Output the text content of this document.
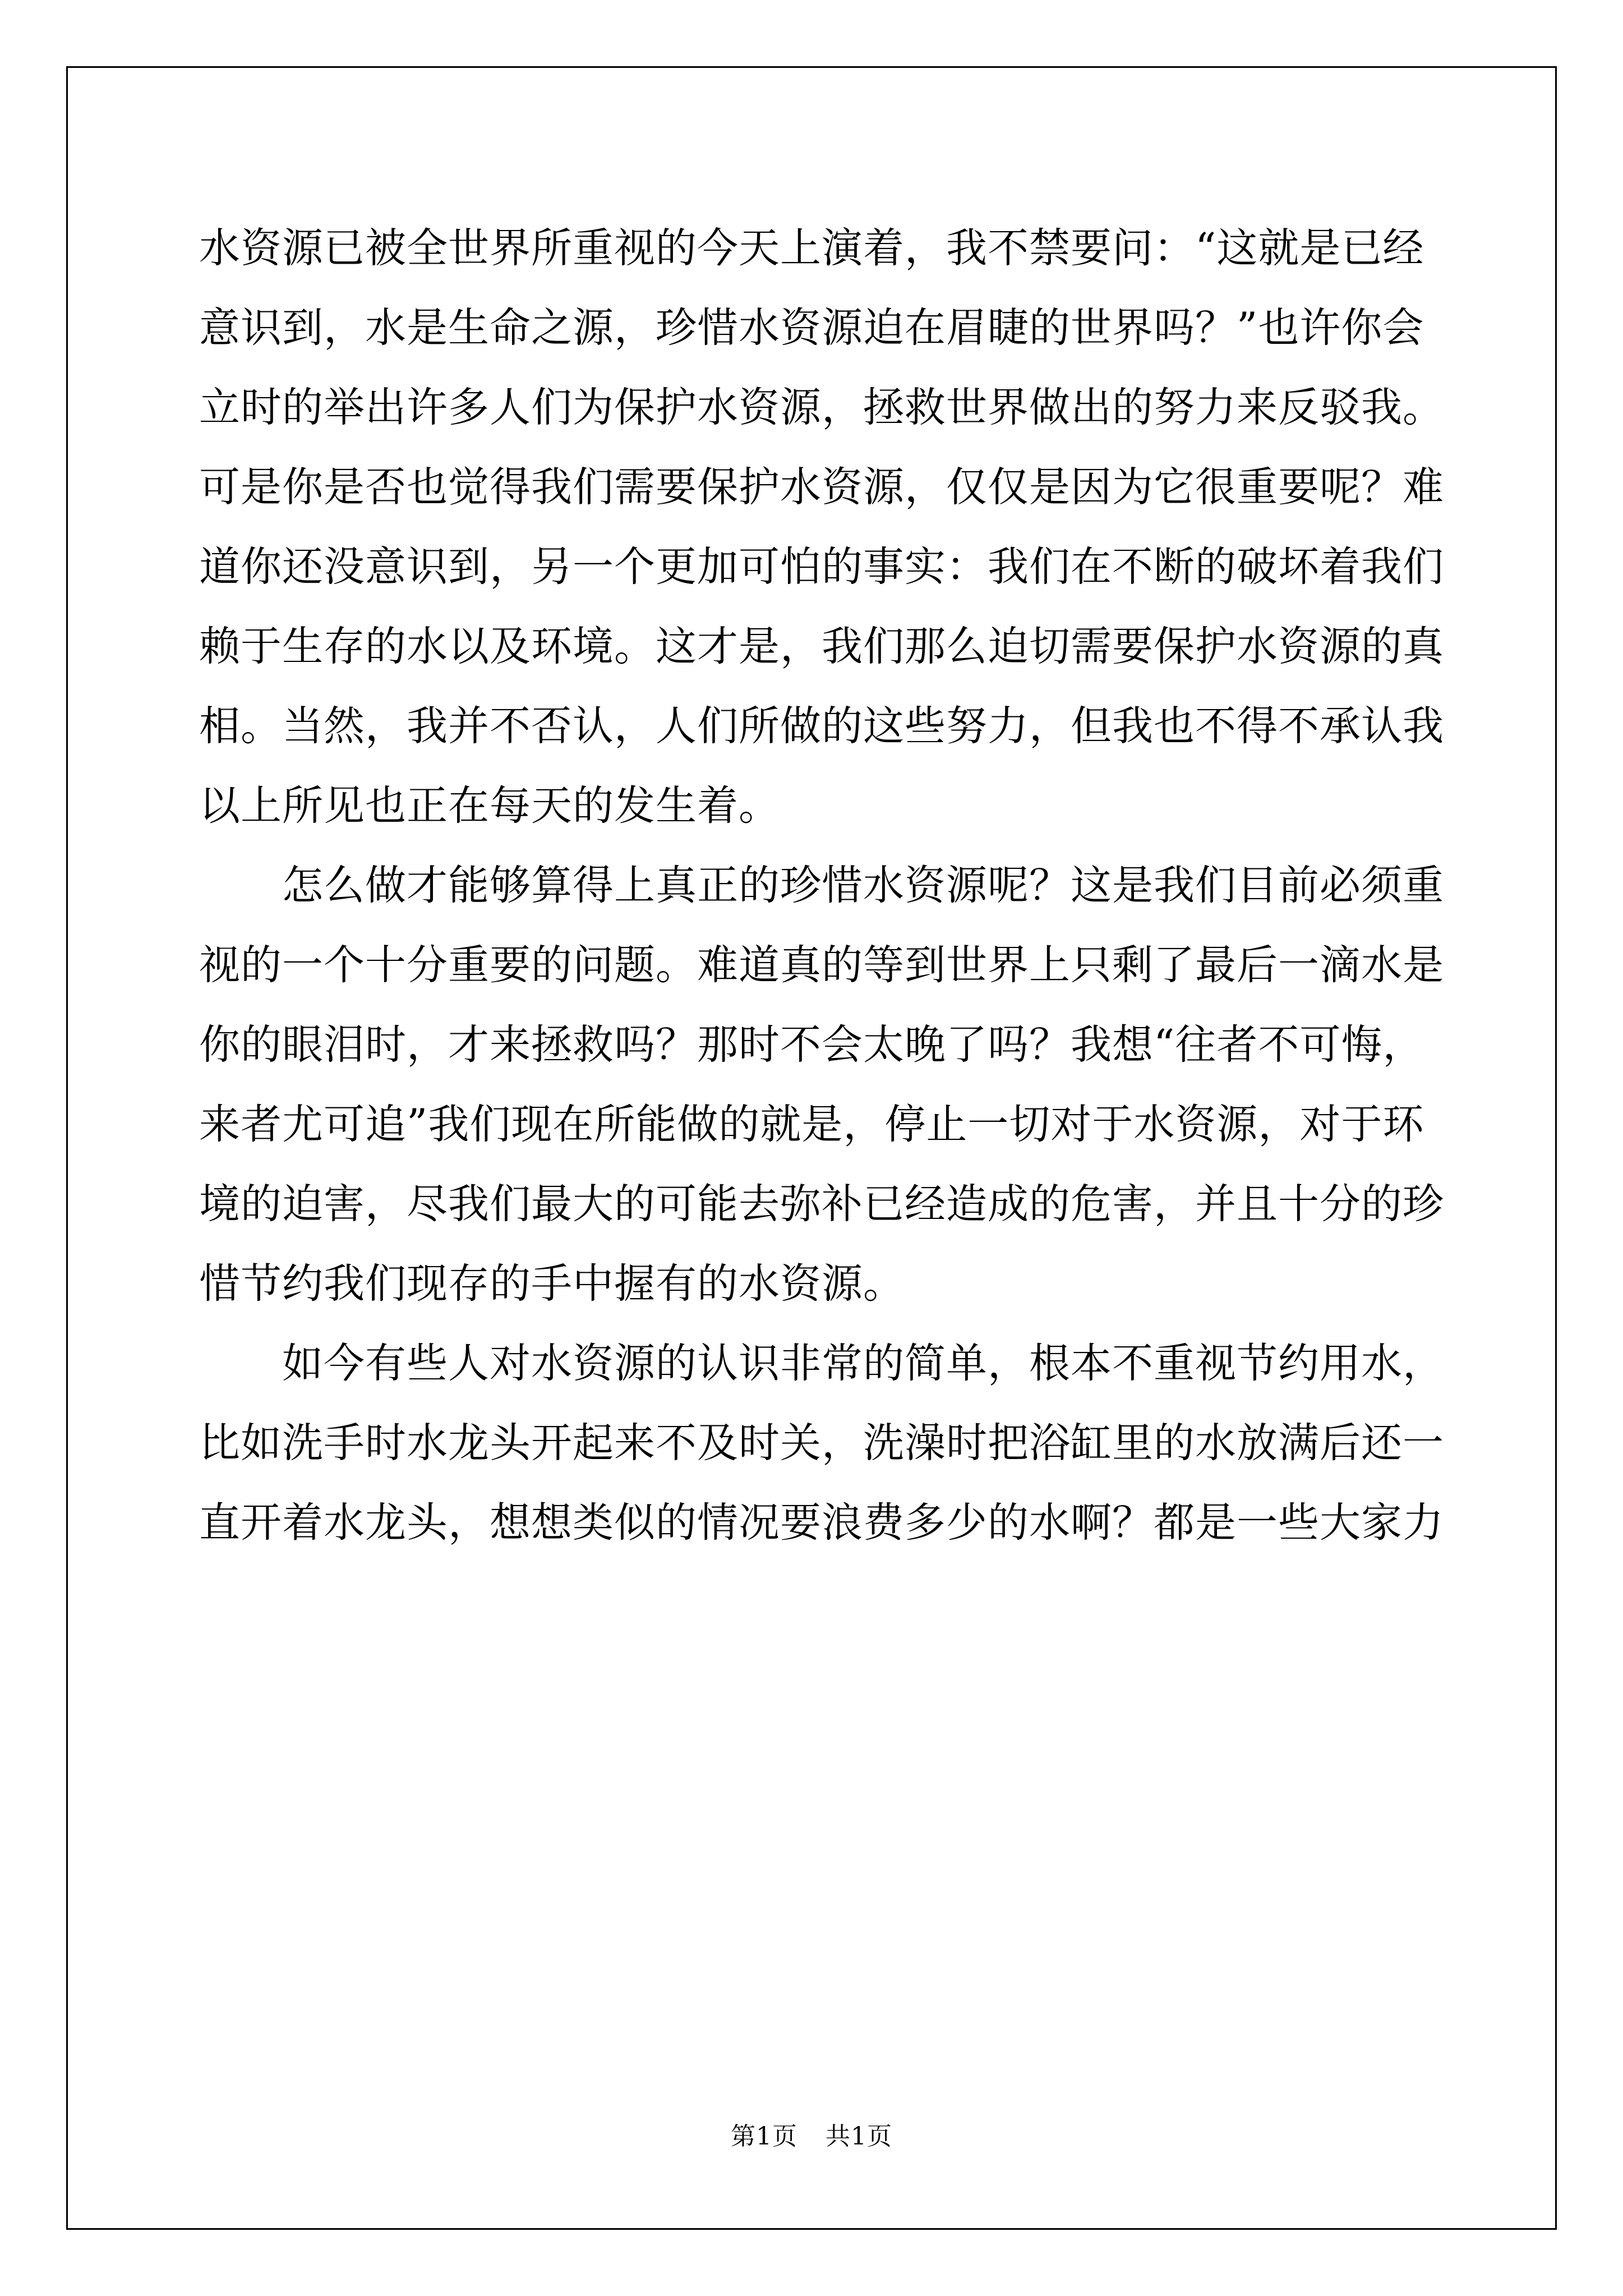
水资源已被全世界所重视的今天上演着，我不禁要问：“这就是已经
意识到，水是生命之源，珍惜水资源迫在眉睫的世界吗？”也许你会
立时的举出许多人们为保护水资源，拯救世界做出的努力来反驳我。
可是你是否也觉得我们需要保护水资源，仅仅是因为它很重要呢？难
道你还没意识到，另一个更加可怕的事实：我们在不断的破坏着我们
赖于生存的水以及环境。这才是，我们那么迫切需要保护水资源的真
相。当然，我并不否认，人们所做的这些努力，但我也不得不承认我
以上所见也正在每天的发生着。
　　怎么做才能够算得上真正的珍惜水资源呢？这是我们目前必须重
视的一个十分重要的问题。难道真的等到世界上只剩了最后一滴水是
你的眼泪时，才来拯救吗？那时不会太晚了吗？我想“往者不可悔，
来者尤可追”我们现在所能做的就是，停止一切对于水资源，对于环
境的迫害，尽我们最大的可能去弥补已经造成的危害，并且十分的珍
惜节约我们现存的手中握有的水资源。
　　如今有些人对水资源的认识非常的简单，根本不重视节约用水，
比如洗手时水龙头开起来不及时关，洗澡时把浴缸里的水放满后还一
直开着水龙头，想想类似的情况要浪费多少的水啊？都是一些大家力
第1页 共1页
